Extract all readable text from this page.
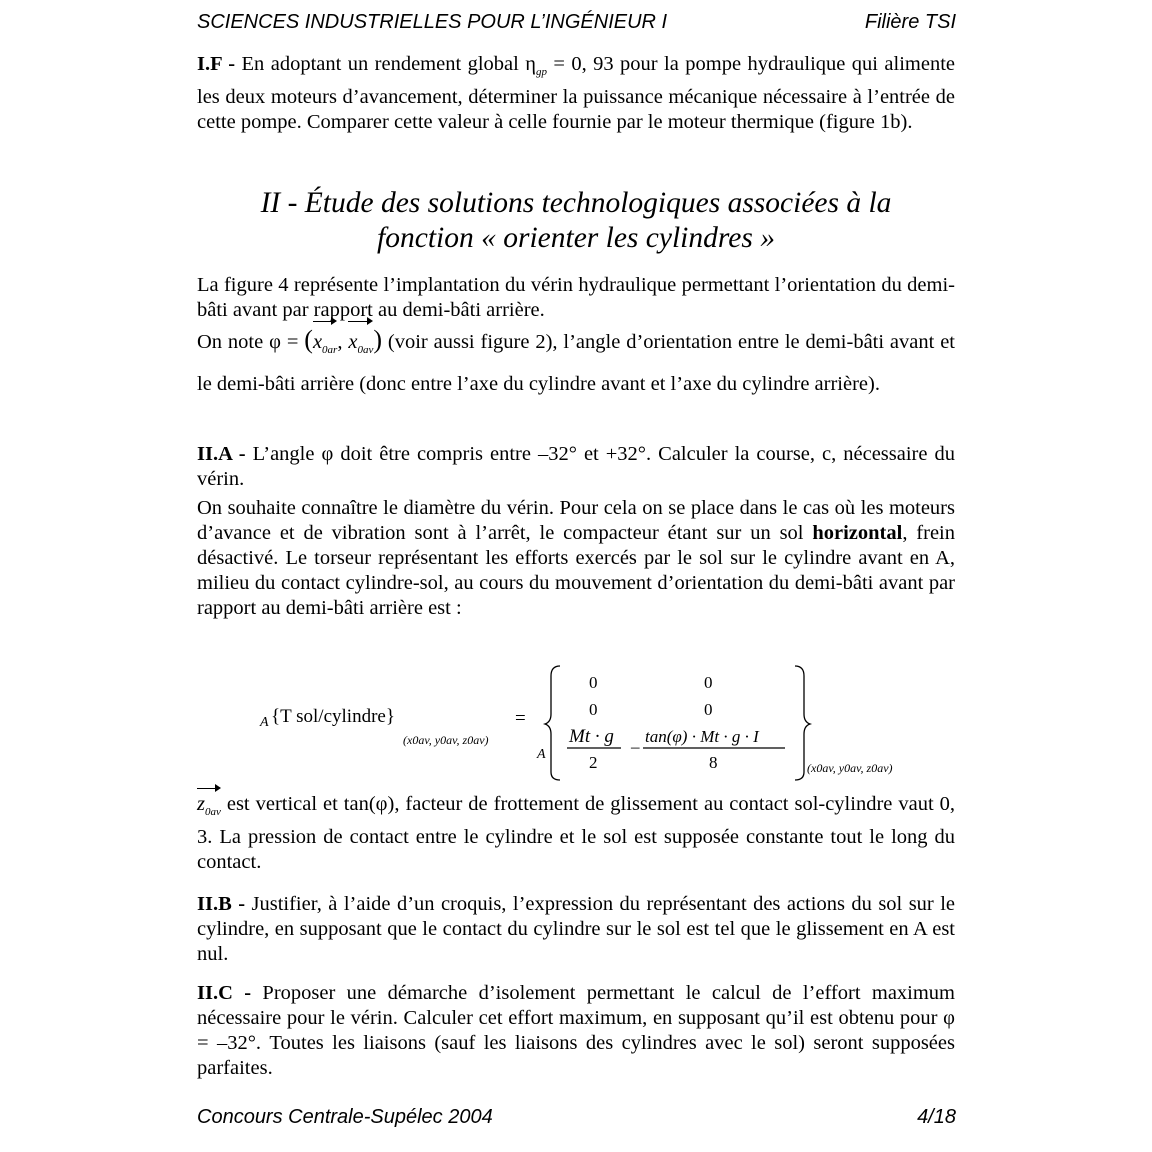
SCIENCES INDUSTRIELLES POUR L’INGÉNIEUR I	Filière TSI

I.F - En adoptant un rendement global $\eta_{gp} = 0$, 93 pour la pompe hydraulique qui alimente les deux moteurs d’avancement, déterminer la puissance mécanique nécessaire à l’entrée de cette pompe. Comparer cette valeur à celle fournie par le moteur thermique (figure 1b).

II - Étude des solutions technologiques associées à la
fonction « orienter les cylindres »

La figure 4 représente l’implantation du vérin hydraulique permettant l’orientation du demi-bâti avant par rapport au demi-bâti arrière.

On note $\varphi = (x_{0ar}$, $x_{0av}$) (voir aussi figure 2), l’angle d’orientation entre le demi-bâti avant et le demi-bâti arrière (donc entre l’axe du cylindre avant et l’axe du cylindre arrière).

II.A - L’angle φ doit être compris entre –32° et +32°. Calculer la course, c, nécessaire du vérin.

On souhaite connaître le diamètre du vérin. Pour cela on se place dans le cas où les moteurs d’avance et de vibration sont à l’arrêt, le compacteur étant sur un sol horizontal, frein désactivé. Le torseur représentant les efforts exercés par le sol sur le cylindre avant en A, milieu du contact cylindre-sol, au cours du mouvement d’orientation du demi-bâti avant par rapport au demi-bâti arrière est :

A {T sol/cylindre}
(x0av, y0av, z0av)
=
A
0	0
0	0
Mt · g
2
–
tan(φ) · Mt · g · I
8	(x0av, y0av, z0av)

$z_{0av}$ est vertical et tan(φ), facteur de frottement de glissement au contact sol-cylindre vaut 0, 3. La pression de contact entre le cylindre et le sol est supposée constante tout le long du contact.

II.B - Justifier, à l’aide d’un croquis, l’expression du représentant des actions du sol sur le cylindre, en supposant que le contact du cylindre sur le sol est tel que le glissement en A est nul.

II.C - Proposer une démarche d’isolement permettant le calcul de l’effort maximum nécessaire pour le vérin. Calculer cet effort maximum, en supposant qu’il est obtenu pour φ = –32°. Toutes les liaisons (sauf les liaisons des cylindres avec le sol) seront supposées parfaites.

Concours Centrale-Supélec 2004	4/18
